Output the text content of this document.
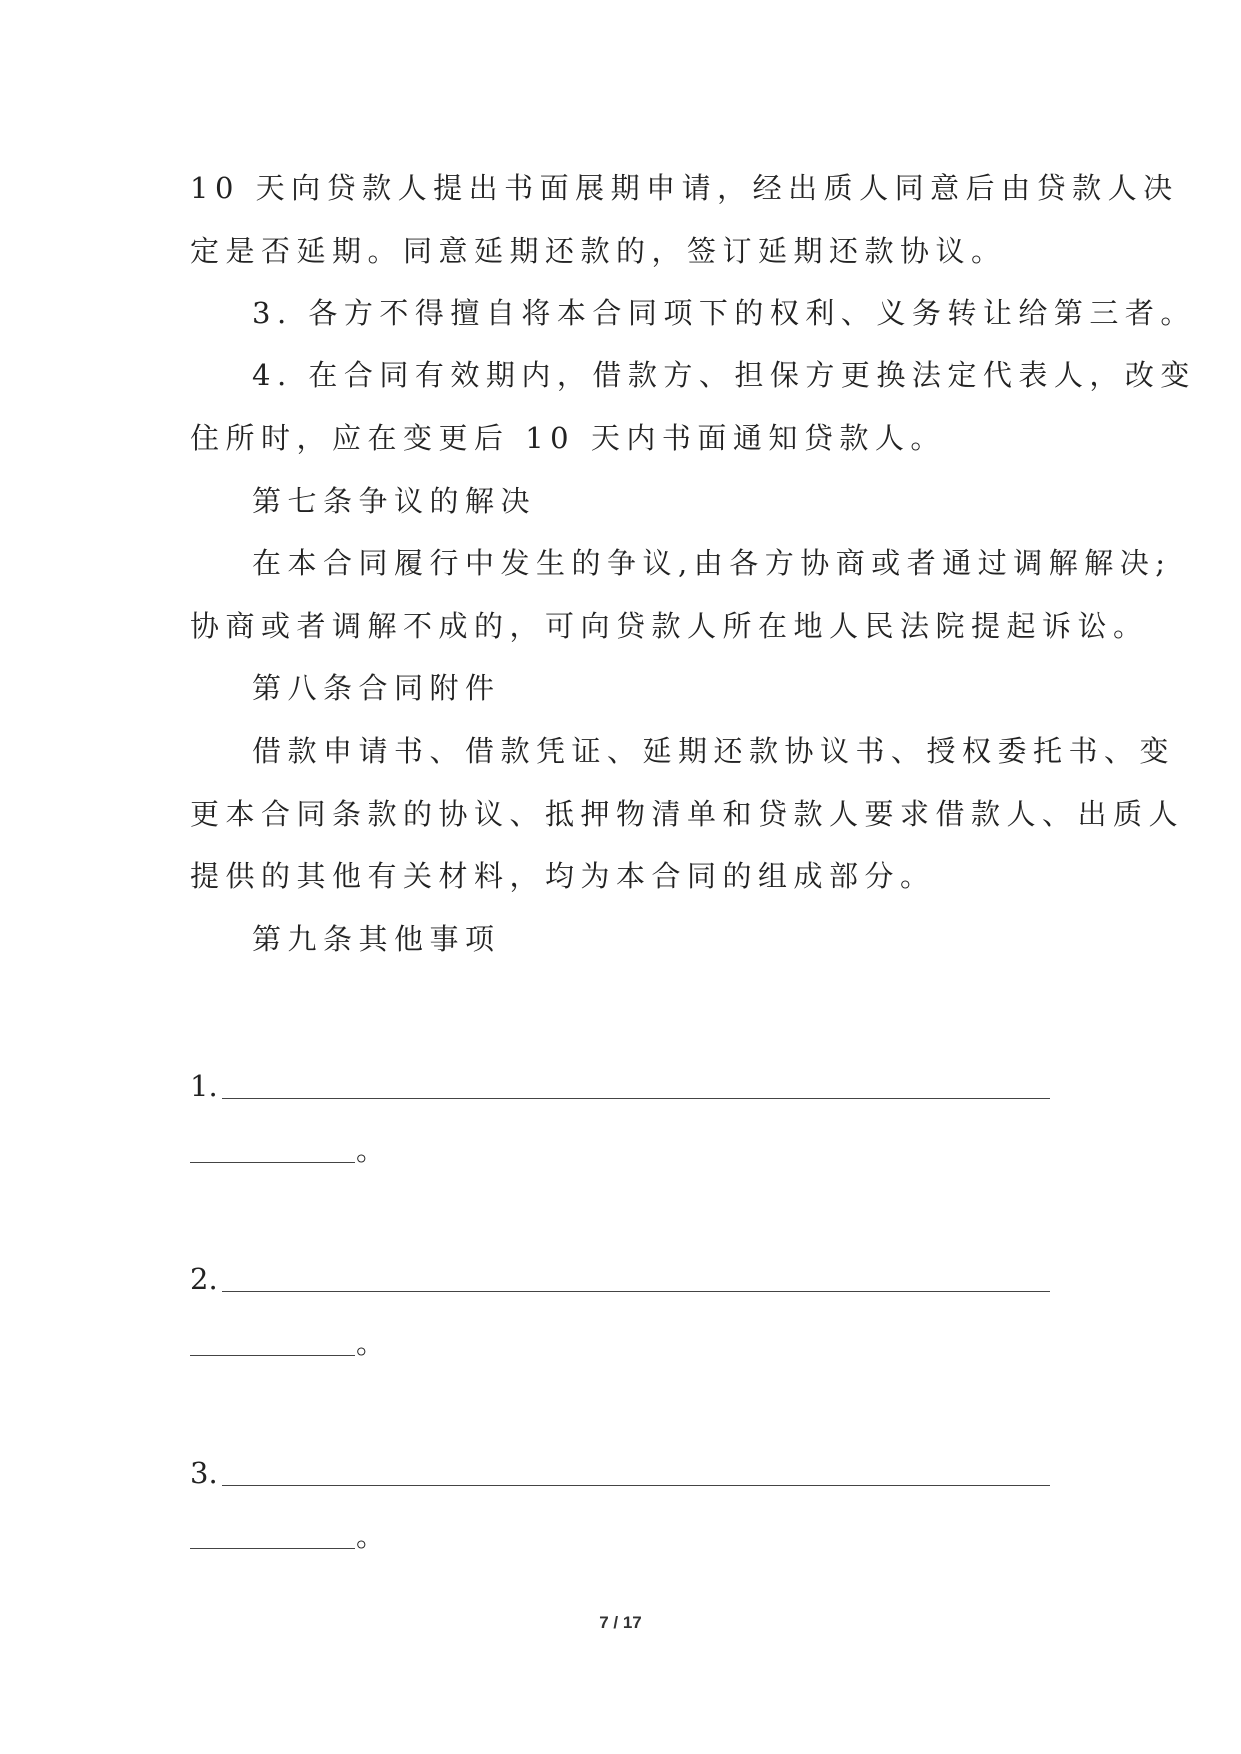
10 天向贷款人提出书面展期申请，经出质人同意后由贷款人决
定是否延期。同意延期还款的，签订延期还款协议。
3. 各方不得擅自将本合同项下的权利、义务转让给第三者。
4. 在合同有效期内，借款方、担保方更换法定代表人，改变
住所时，应在变更后 10 天内书面通知贷款人。
第七条争议的解决
在本合同履行中发生的争议,由各方协商或者通过调解解决;
协商或者调解不成的，可向贷款人所在地人民法院提起诉讼。
第八条合同附件
借款申请书、借款凭证、延期还款协议书、授权委托书、变
更本合同条款的协议、抵押物清单和贷款人要求借款人、出质人
提供的其他有关材料，均为本合同的组成部分。
第九条其他事项
1.
。
2.
。
3.
。
7 / 17
